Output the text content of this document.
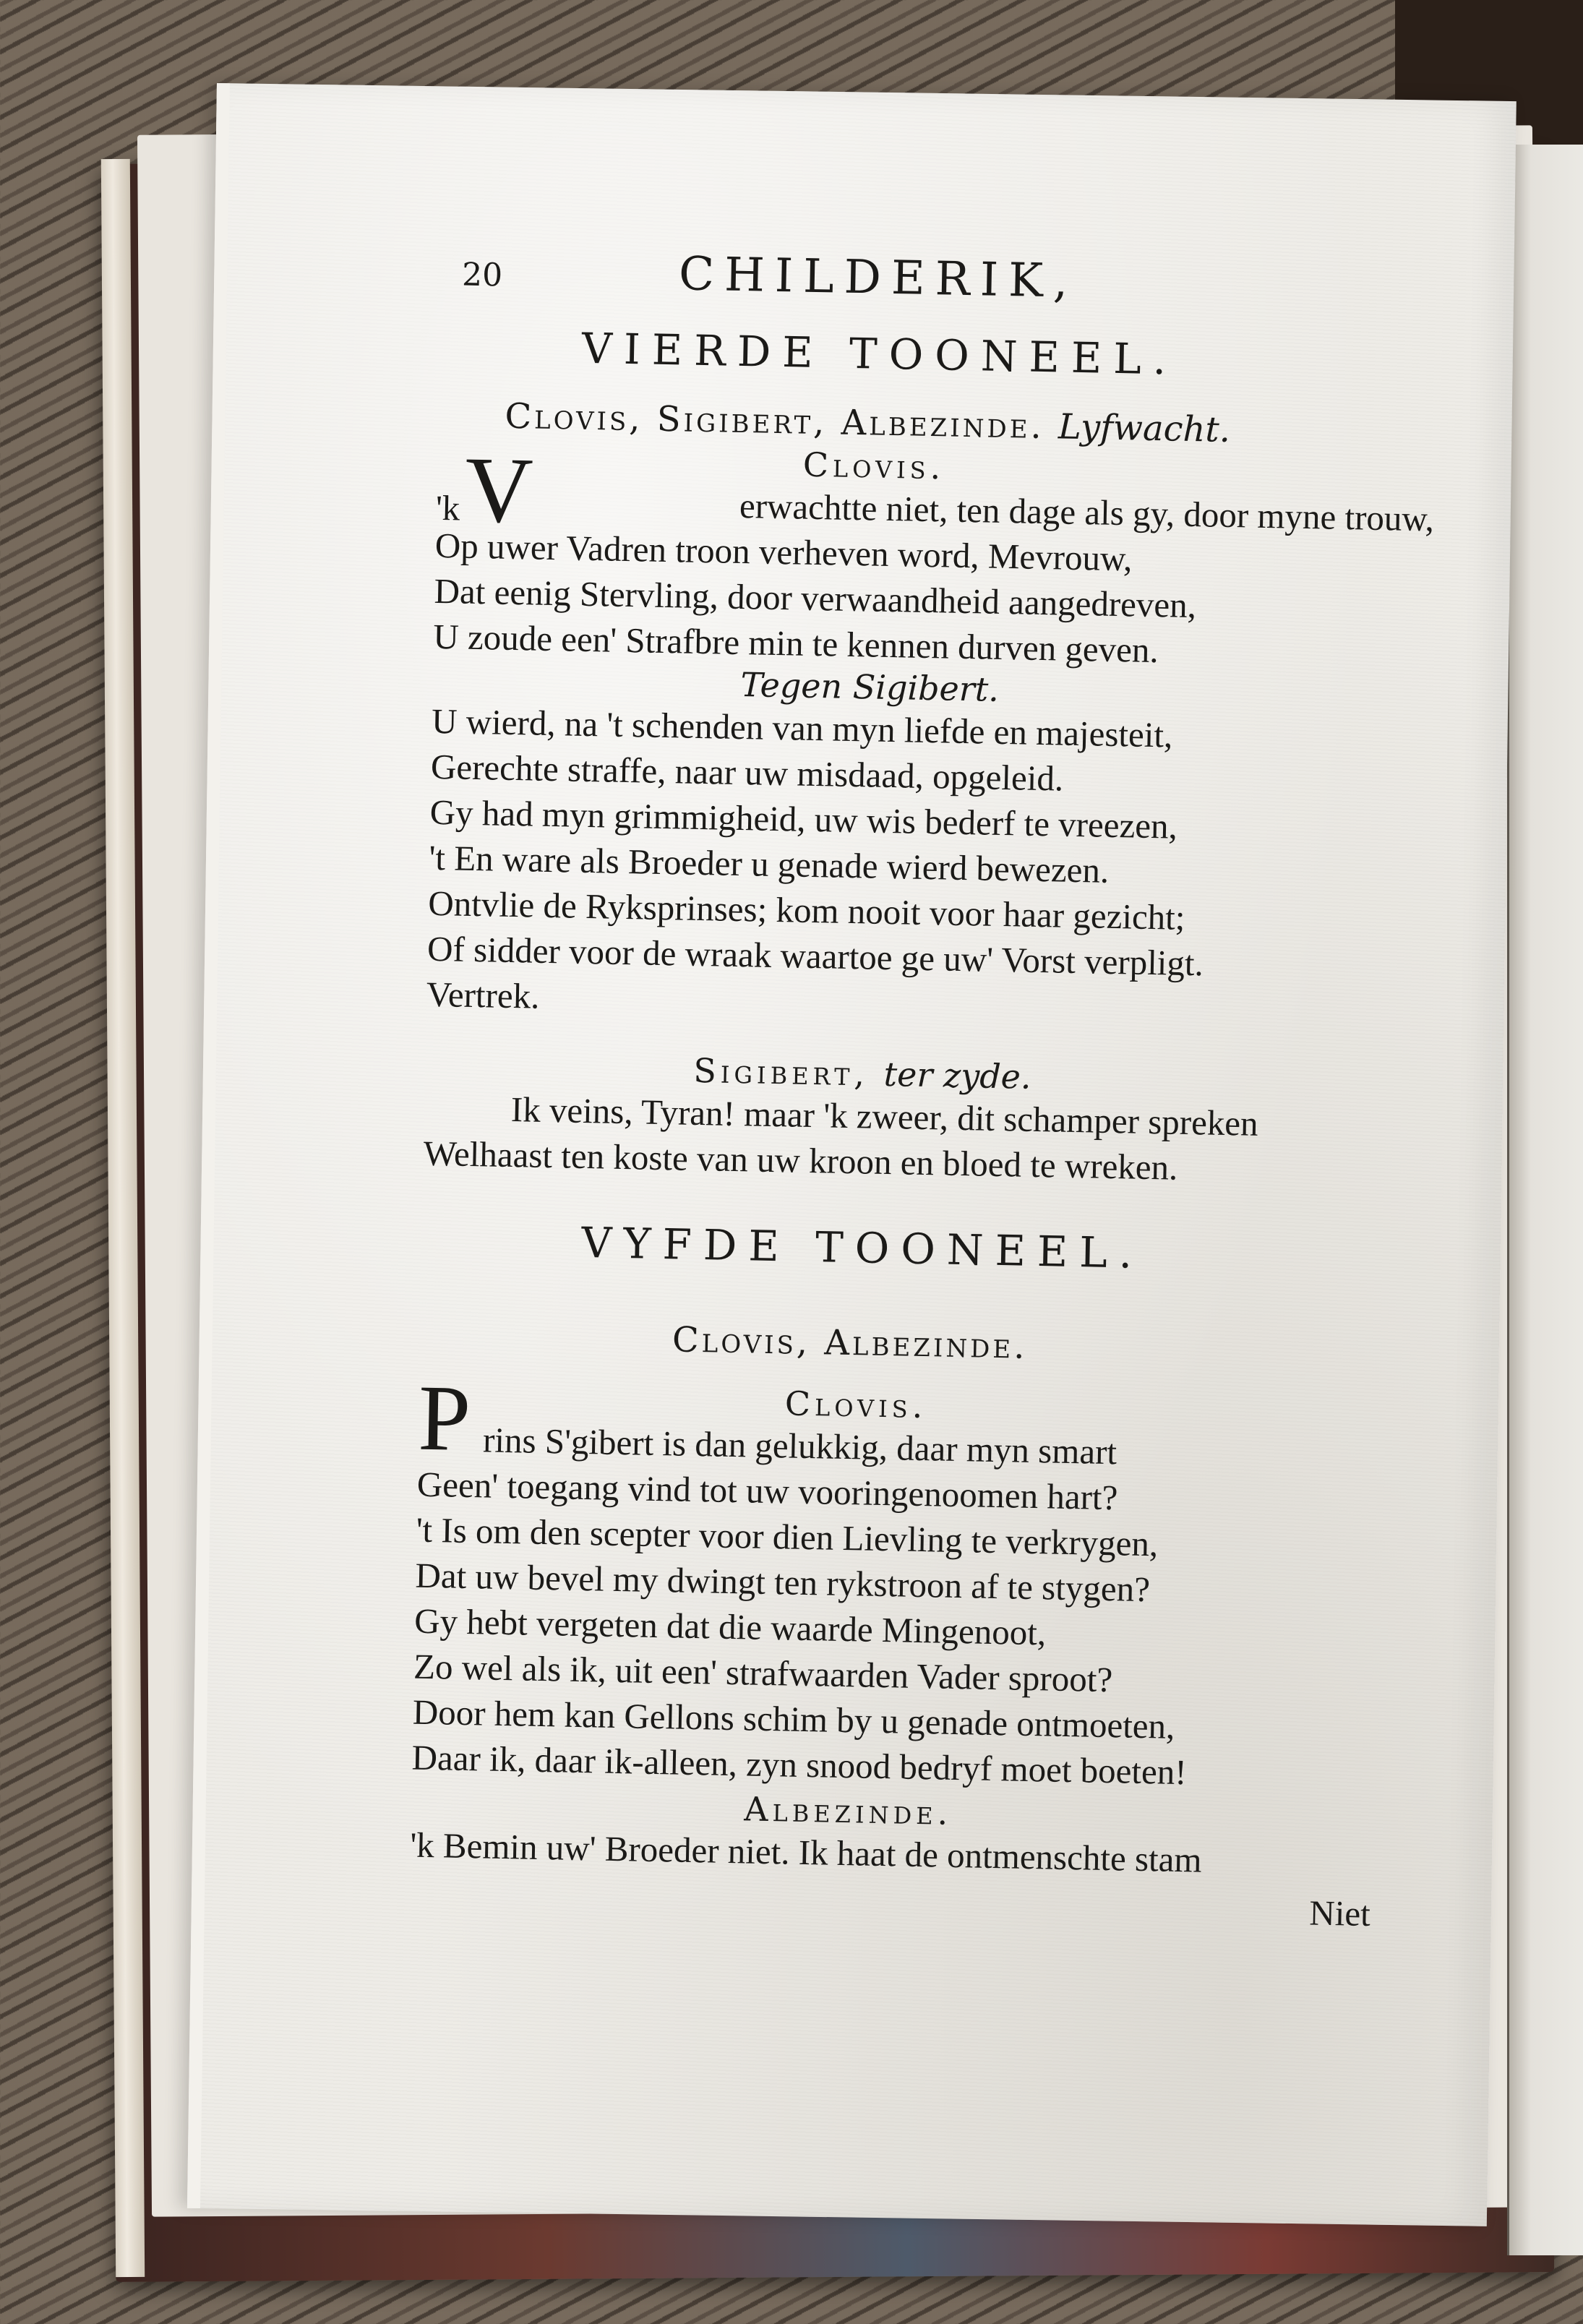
20	CHILDERIK,
VIERDE TOONEEL.
Clovis, Sigibert, Albezinde. Lyfwacht.
Clovis.
'k V	erwachtte niet, ten dage als gy, door myne trouw,
Op uwer Vadren troon verheven word, Mevrouw,
Dat eenig Stervling, door verwaandheid aangedreven,
U zoude een' Strafbre min te kennen durven geven.
Tegen Sigibert.
U wierd, na 't schenden van myn liefde en majesteit,
Gerechte straffe, naar uw misdaad, opgeleid.
Gy had myn grimmigheid, uw wis bederf te vreezen,
't En ware als Broeder u genade wierd bewezen.
Ontvlie de Ryksprinses; kom nooit voor haar gezicht;
Of sidder voor de wraak waartoe ge uw' Vorst verpligt.
Vertrek.
Sigibert, ter zyde.
Ik veins, Tyran! maar 'k zweer, dit schamper spreken
Welhaast ten koste van uw kroon en bloed te wreken.
VYFDE TOONEEL.
Clovis, Albezinde.
Clovis.
P rins S'gibert is dan gelukkig, daar myn smart
Geen' toegang vind tot uw vooringenoomen hart?
't Is om den scepter voor dien Lievling te verkrygen,
Dat uw bevel my dwingt ten rykstroon af te stygen?
Gy hebt vergeten dat die waarde Mingenoot,
Zo wel als ik, uit een' strafwaarden Vader sproot?
Door hem kan Gellons schim by u genade ontmoeten,
Daar ik, daar ik-alleen, zyn snood bedryf moet boeten!
Albezinde.
'k Bemin uw' Broeder niet. Ik haat de ontmenschte stam
Niet
